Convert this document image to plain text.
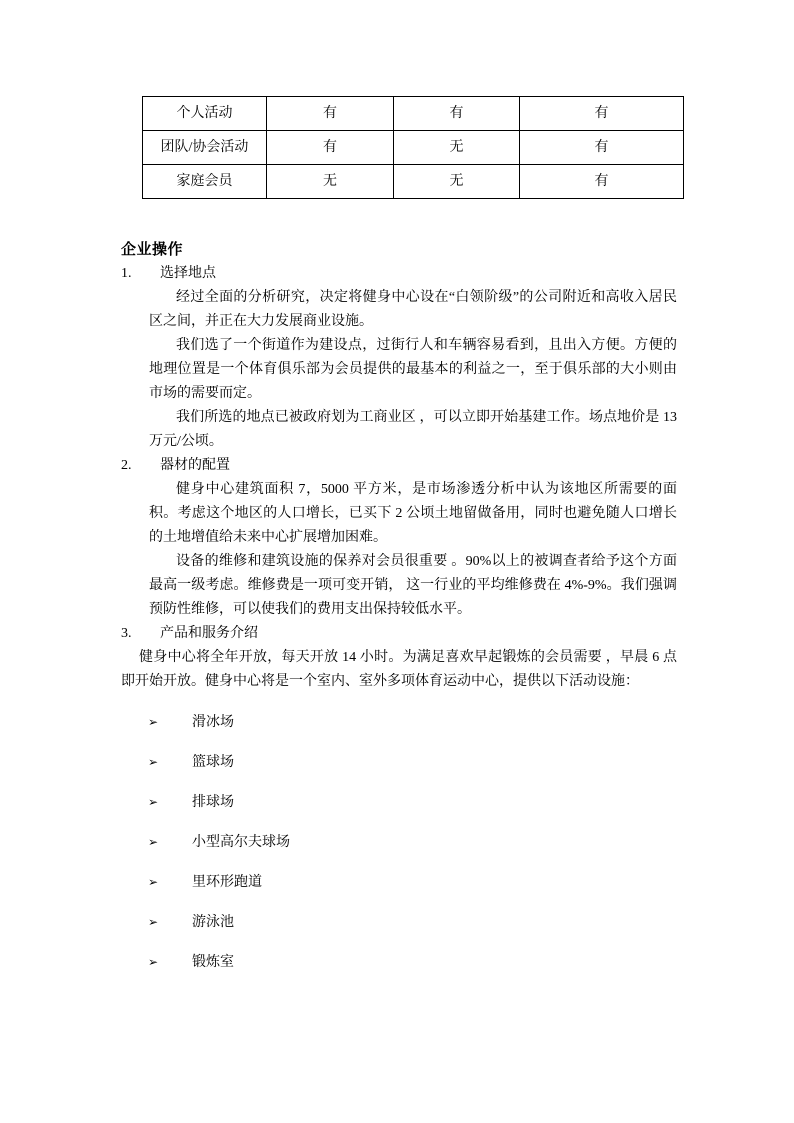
个人活动	有	有	有
团队/协会活动	有	无	有
家庭会员	无	无	有
企业操作
1. 选择地点

经过全面的分析研究，决定将健身中心设在“白领阶级”的公司附近和高收入居民区之间，并正在大力发展商业设施。

我们选了一个街道作为建设点，过街行人和车辆容易看到，且出入方便。方便的地理位置是一个体育俱乐部为会员提供的最基本的利益之一，至于俱乐部的大小则由市场的需要而定。

我们所选的地点已被政府划为工商业区 ，可以立即开始基建工作。场点地价是 13 万元/公顷。

2. 器材的配置

健身中心建筑面积 7，5000 平方米，是市场渗透分析中认为该地区所需要的面积。考虑这个地区的人口增长，已买下 2 公顷土地留做备用，同时也避免随人口增长的土地增值给未来中心扩展增加困难。

设备的维修和建筑设施的保养对会员很重要 。90%以上的被调查者给予这个方面最高一级考虑。维修费是一项可变开销， 这一行业的平均维修费在 4%-9%。我们强调预防性维修，可以使我们的费用支出保持较低水平。

3. 产品和服务介绍

健身中心将全年开放，每天开放 14 小时。为满足喜欢早起锻炼的会员需要 ，早晨 6 点即开始开放。健身中心将是一个室内、室外多项体育运动中心，提供以下活动设施：

➢ 滑冰场
➢ 篮球场
➢ 排球场
➢ 小型高尔夫球场
➢ 里环形跑道
➢ 游泳池
➢ 锻炼室
